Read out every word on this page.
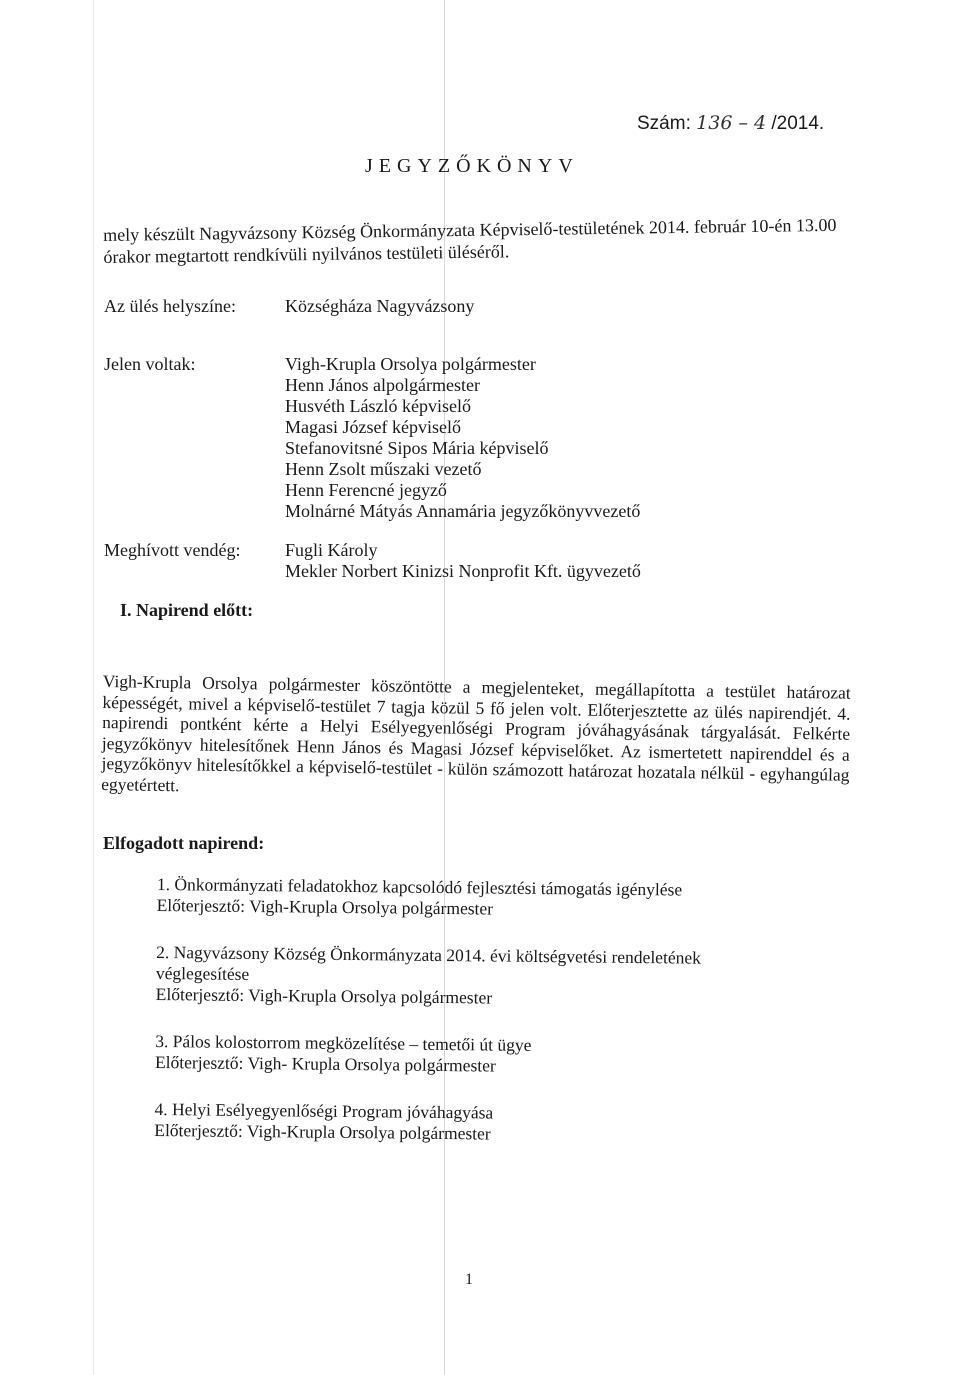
Szám: 136 – 4 /2014.
JEGYZŐKÖNYV
mely készült Nagyvázsony Község Önkormányzata Képviselő-testületének 2014. február 10-én 13.00 órakor megtartott rendkívüli nyilvános testületi üléséről.
Az ülés helyszíne:	Községháza Nagyvázsony
Jelen voltak:	Vigh-Krupla Orsolya polgármester
Henn János alpolgármester
Husvéth László képviselő
Magasi József képviselő
Stefanovitsné Sipos Mária képviselő
Henn Zsolt műszaki vezető
Henn Ferencné jegyző
Molnárné Mátyás Annamária jegyzőkönyvvezető
Meghívott vendég: Fugli Károly
Mekler Norbert Kinizsi Nonprofit Kft. ügyvezető
I. Napirend előtt:
Vigh-Krupla Orsolya polgármester köszöntötte a megjelenteket, megállapította a testület határozat képességét, mivel a képviselő-testület 7 tagja közül 5 fő jelen volt. Előterjesztette az ülés napirendjét. 4. napirendi pontként kérte a Helyi Esélyegyenlőségi Program jóváhagyásának tárgyalását. Felkérte jegyzőkönyv hitelesítőnek Henn János és Magasi József képviselőket. Az ismertetett napirenddel és a jegyzőkönyv hitelesítőkkel a képviselő-testület - külön számozott határozat hozatala nélkül - egyhangúlag egyetértett.
Elfogadott napirend:
1. Önkormányzati feladatokhoz kapcsolódó fejlesztési támogatás igénylése
Előterjesztő: Vigh-Krupla Orsolya polgármester
2. Nagyvázsony Község Önkormányzata 2014. évi költségvetési rendeletének véglegesítése
Előterjesztő: Vigh-Krupla Orsolya polgármester
3. Pálos kolostorrom megközelítése – temetői út ügye
Előterjesztő: Vigh- Krupla Orsolya polgármester
4. Helyi Esélyegyenlőségi Program jóváhagyása
Előterjesztő: Vigh-Krupla Orsolya polgármester
1
